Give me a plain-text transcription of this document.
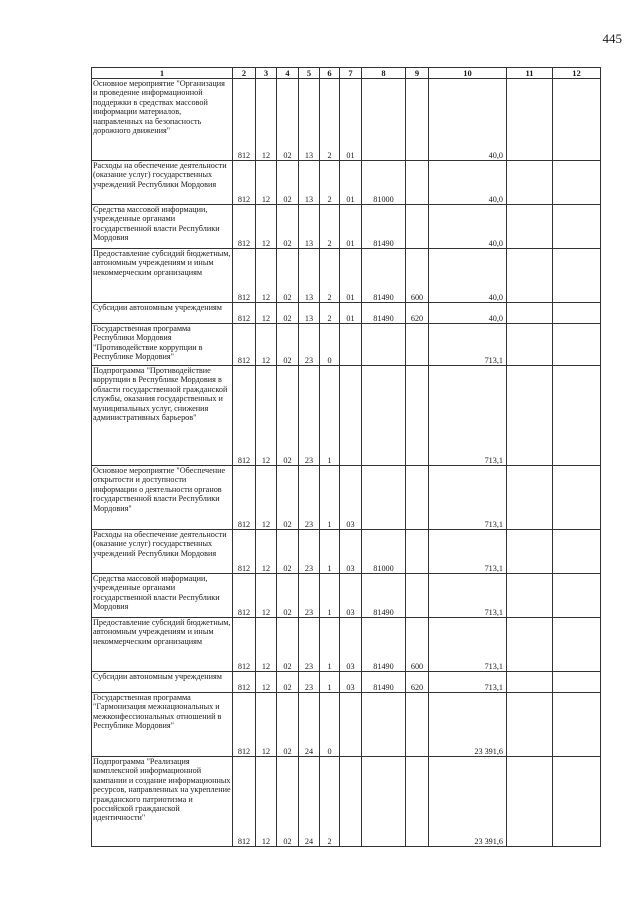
445
1	2	3	4	5	6	7	8	9	10	11	12
Основное мероприятие "Организация и проведение информационной поддержки в средствах массовой информации материалов, направленных на безопасность дорожного движения"	812	12	02	13	2	01			40,0		
Расходы на обеспечение деятельности (оказание услуг) государственных учреждений Республики Мордовия	812	12	02	13	2	01	81000		40,0		
Средства массовой информации, учрежденные органами государственной власти Республики Мордовия	812	12	02	13	2	01	81490		40,0		
Предоставление субсидий бюджетным, автономным учреждениям и иным некоммерческим организациям	812	12	02	13	2	01	81490	600	40,0		
Субсидии автономным учреждениям	812	12	02	13	2	01	81490	620	40,0		
Государственная программа Республики Мордовия "Противодействие коррупции в Республике Мордовия"	812	12	02	23	0				713,1		
Подпрограмма "Противодействие коррупции в Республике Мордовия в области государственной гражданской службы, оказания государственных и муниципальных услуг, снижения административных барьеров"	812	12	02	23	1				713,1		
Основное мероприятие "Обеспечение открытости и доступности информации о деятельности органов государственной власти Республики Мордовия"	812	12	02	23	1	03			713,1		
Расходы на обеспечение деятельности (оказание услуг) государственных учреждений Республики Мордовия	812	12	02	23	1	03	81000		713,1		
Средства массовой информации, учрежденные органами государственной власти Республики Мордовия	812	12	02	23	1	03	81490		713,1		
Предоставление субсидий бюджетным, автономным учреждениям и иным некоммерческим организациям	812	12	02	23	1	03	81490	600	713,1		
Субсидии автономным учреждениям	812	12	02	23	1	03	81490	620	713,1		
Государственная программа "Гармонизация межнациональных и межконфессиональных отношений в Республике Мордовия"	812	12	02	24	0				23 391,6		
Подпрограмма "Реализация комплексной информационной кампании и создание информационных ресурсов, направленных на укрепление гражданского патриотизма и российской гражданской идентичности"	812	12	02	24	2				23 391,6		
